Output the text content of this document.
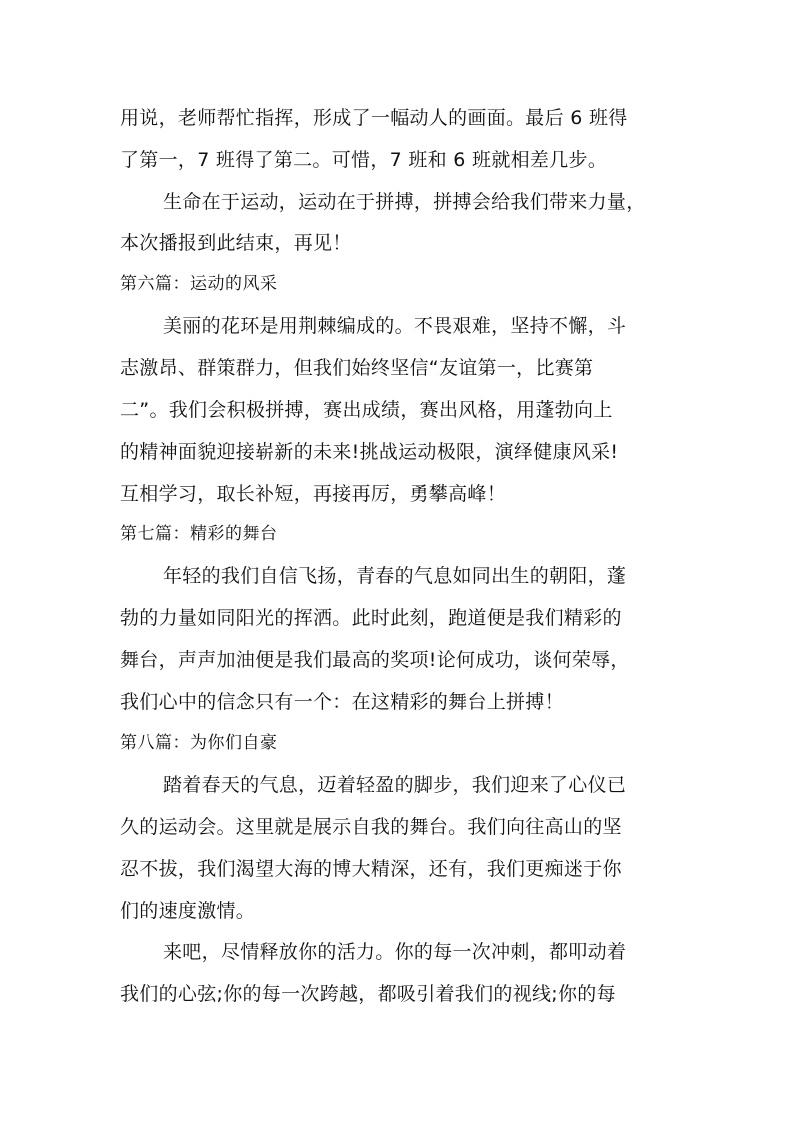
用说，老师帮忙指挥，形成了一幅动人的画面。最后 6 班得
了第一，7 班得了第二。可惜，7 班和 6 班就相差几步。
生命在于运动，运动在于拼搏，拼搏会给我们带来力量，
本次播报到此结束，再见！
第六篇：运动的风采
美丽的花环是用荆棘编成的。不畏艰难，坚持不懈，斗
志激昂、群策群力，但我们始终坚信“友谊第一，比赛第
二”。我们会积极拼搏，赛出成绩，赛出风格，用蓬勃向上
的精神面貌迎接崭新的未来!挑战运动极限，演绎健康风采!
互相学习，取长补短，再接再厉，勇攀高峰！
第七篇：精彩的舞台
年轻的我们自信飞扬，青春的气息如同出生的朝阳，蓬
勃的力量如同阳光的挥洒。此时此刻，跑道便是我们精彩的
舞台，声声加油便是我们最高的奖项!论何成功，谈何荣辱，
我们心中的信念只有一个：在这精彩的舞台上拼搏！
第八篇：为你们自豪
踏着春天的气息，迈着轻盈的脚步，我们迎来了心仪已
久的运动会。这里就是展示自我的舞台。我们向往高山的坚
忍不拔，我们渴望大海的博大精深，还有，我们更痴迷于你
们的速度激情。
来吧，尽情释放你的活力。你的每一次冲刺，都叩动着
我们的心弦;你的每一次跨越，都吸引着我们的视线;你的每
